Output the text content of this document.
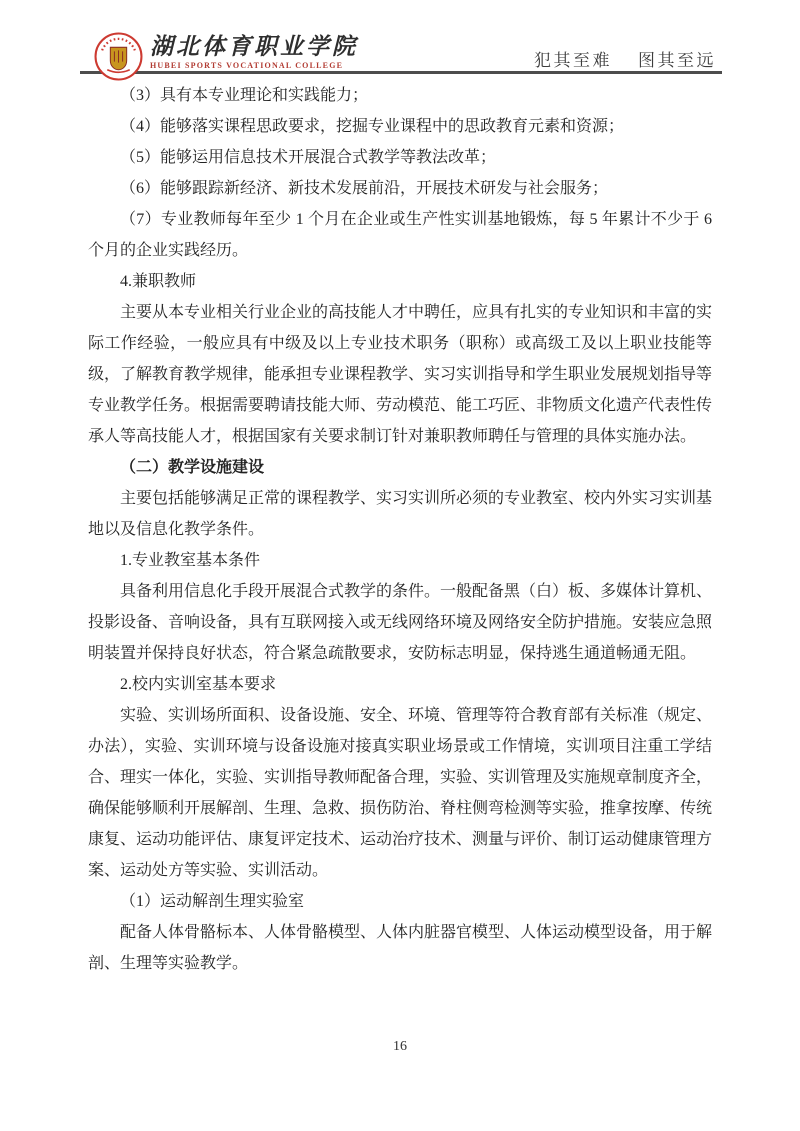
湖北体育职业学院
HUBEI SPORTS VOCATIONAL COLLEGE	犯其至难 图其至远

（3）具有本专业理论和实践能力；

（4）能够落实课程思政要求，挖掘专业课程中的思政教育元素和资源；

（5）能够运用信息技术开展混合式教学等教法改革；

（6）能够跟踪新经济、新技术发展前沿，开展技术研发与社会服务；

（7）专业教师每年至少 1 个月在企业或生产性实训基地锻炼，每 5 年累计不少于 6 个月的企业实践经历。

4.兼职教师

主要从本专业相关行业企业的高技能人才中聘任，应具有扎实的专业知识和丰富的实际工作经验，一般应具有中级及以上专业技术职务（职称）或高级工及以上职业技能等级，了解教育教学规律，能承担专业课程教学、实习实训指导和学生职业发展规划指导等专业教学任务。根据需要聘请技能大师、劳动模范、能工巧匠、非物质文化遗产代表性传承人等高技能人才，根据国家有关要求制订针对兼职教师聘任与管理的具体实施办法。

（二）教学设施建设

主要包括能够满足正常的课程教学、实习实训所必须的专业教室、校内外实习实训基地以及信息化教学条件。

1.专业教室基本条件

具备利用信息化手段开展混合式教学的条件。一般配备黑（白）板、多媒体计算机、投影设备、音响设备，具有互联网接入或无线网络环境及网络安全防护措施。安装应急照明装置并保持良好状态，符合紧急疏散要求，安防标志明显，保持逃生通道畅通无阻。

2.校内实训室基本要求

实验、实训场所面积、设备设施、安全、环境、管理等符合教育部有关标准（规定、办法），实验、实训环境与设备设施对接真实职业场景或工作情境，实训项目注重工学结合、理实一体化，实验、实训指导教师配备合理，实验、实训管理及实施规章制度齐全，确保能够顺利开展解剖、生理、急救、损伤防治、脊柱侧弯检测等实验，推拿按摩、传统康复、运动功能评估、康复评定技术、运动治疗技术、测量与评价、制订运动健康管理方案、运动处方等实验、实训活动。

（1）运动解剖生理实验室

配备人体骨骼标本、人体骨骼模型、人体内脏器官模型、人体运动模型设备，用于解剖、生理等实验教学。

16
